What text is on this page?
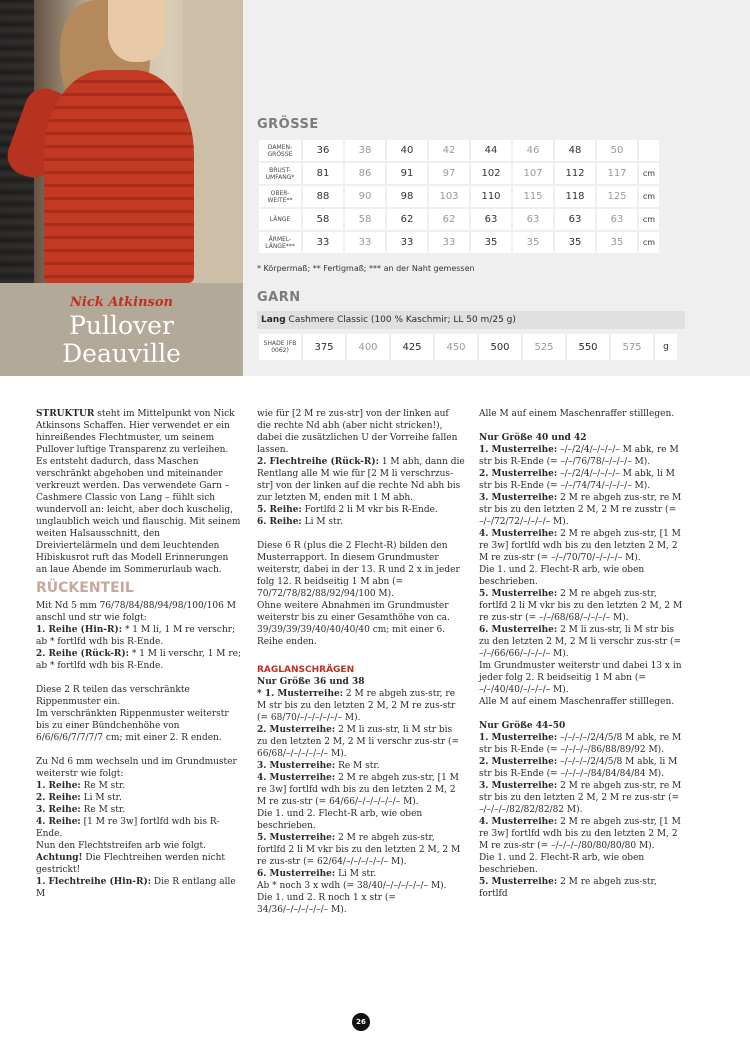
Nick Atkinson
Pullover
Deauville
GRÖSSE
DAMEN-GRÖSSE	36	38	40	42	44	46	48	50	
BRUST-UMFANG*	81	86	91	97	102	107	112	117	cm
OBER-WEITE**	88	90	98	103	110	115	118	125	cm
LÄNGE	58	58	62	62	63	63	63	63	cm
ÄRMEL-LÄNGE***	33	33	33	33	35	35	35	35	cm
* Körpermaß; ** Fertigmaß; *** an der Naht gemessen
GARN
Lang Cashmere Classic (100 % Kaschmir; LL 50 m/25 g)
SHADE (FB 0062)	375	400	425	450	500	525	550	575	g

STRUKTUR steht im Mittelpunkt von Nick Atkinsons Schaffen. Hier verwendet er ein hinreißendes Flechtmuster, um seinem Pullover luftige Transparenz zu verleihen. Es entsteht dadurch, dass Maschen verschränkt abgehoben und miteinander verkreuzt werden. Das verwendete Garn – Cashmere Classic von Lang – fühlt sich wundervoll an: leicht, aber doch kuschelig, unglaublich weich und flauschig. Mit seinem weiten Halsausschnitt, den Dreiviertelärmeln und dem leuchtenden Hibiskusrot ruft das Modell Erinnerungen an laue Abende im Sommerurlaub wach.

RÜCKENTEIL

Mit Nd 5 mm 76/78/84/88/94/98/100/106 M anschl und str wie folgt:

1. Reihe (Hin-R): * 1 M li, 1 M re verschr; ab * fortlfd wdh bis R-Ende.

2. Reihe (Rück-R): * 1 M li verschr, 1 M re; ab * fortlfd wdh bis R-Ende.

Diese 2 R teilen das verschränkte Rippenmuster ein.

Im verschränkten Rippenmuster weiterstr bis zu einer Bündchenhöhe von 6/6/6/6/7/7/7/7 cm; mit einer 2. R enden.

Zu Nd 6 mm wechseln und im Grundmuster weiterstr wie folgt:

1. Reihe: Re M str.

2. Reihe: Li M str.

3. Reihe: Re M str.

4. Reihe: [1 M re 3w] fortlfd wdh bis R-Ende.

Nun den Flechtstreifen arb wie folgt.

Achtung! Die Flechtreihen werden nicht gestrickt!

1. Flechtreihe (Hin-R): Die R entlang alle M

wie für [2 M re zus-str] von der linken auf die rechte Nd abh (aber nicht stricken!), dabei die zusätzlichen U der Vorreihe fallen lassen.

2. Flechtreihe (Rück-R): 1 M abh, dann die Rentlang alle M wie für [2 M li verschrzus-str] von der linken auf die rechte Nd abh bis zur letzten M, enden mit 1 M abh.

5. Reihe: Fortlfd 2 li M vkr bis R-Ende.

6. Reihe: Li M str.

Diese 6 R (plus die 2 Flecht-R) bilden den Musterrapport. In diesem Grundmuster weiterstr, dabei in der 13. R und 2 x in jeder folg 12. R beidseitig 1 M abn (= 70/72/78/82/88/92/94/100 M).

Ohne weitere Abnahmen im Grundmuster weiterstr bis zu einer Gesamthöhe von ca. 39/39/39/39/40/40/40/40 cm; mit einer 6. Reihe enden.

RAGLANSCHRÄGEN

Nur Größe 36 und 38

* 1. Musterreihe: 2 M re abgeh zus-str, re M str bis zu den letzten 2 M, 2 M re zus-str (= 68/70/–/–/–/–/–/– M).

2. Musterreihe: 2 M li zus-str, li M str bis zu den letzten 2 M, 2 M li verschr zus-str (= 66/68/–/–/–/–/–/– M).

3. Musterreihe: Re M str.

4. Musterreihe: 2 M re abgeh zus-str, [1 M re 3w] fortlfd wdh bis zu den letzten 2 M, 2 M re zus-str (= 64/66/–/–/–/–/–/– M).

Die 1. und 2. Flecht-R arb, wie oben beschrieben.

5. Musterreihe: 2 M re abgeh zus-str, fortlfd 2 li M vkr bis zu den letzten 2 M, 2 M re zus-str (= 62/64/–/–/–/–/–/– M).

6. Musterreihe: Li M str.

Ab * noch 3 x wdh (= 38/40/–/–/–/–/–/– M).

Die 1. und 2. R noch 1 x str (= 34/36/–/–/–/–/–/– M).

Alle M auf einem Maschenraffer stilllegen.

Nur Größe 40 und 42

1. Musterreihe: –/–/2/4/–/–/–/– M abk, re M str bis R-Ende (= –/–/76/78/–/–/–/– M).

2. Musterreihe: –/–/2/4/–/–/–/– M abk, li M str bis R-Ende (= –/–/74/74/–/–/–/– M).

3. Musterreihe: 2 M re abgeh zus-str, re M str bis zu den letzten 2 M, 2 M re zusstr (= –/–/72/72/–/–/–/– M).

4. Musterreihe: 2 M re abgeh zus-str, [1 M re 3w] fortlfd wdh bis zu den letzten 2 M, 2 M re zus-str (= –/–/70/70/–/–/–/– M).

Die 1. und 2. Flecht-R arb, wie oben beschrieben.

5. Musterreihe: 2 M re abgeh zus-str, fortlfd 2 li M vkr bis zu den letzten 2 M, 2 M re zus-str (= –/–/68/68/–/–/–/– M).

6. Musterreihe: 2 M li zus-str, li M str bis zu den letzten 2 M, 2 M li verschr zus-str (= –/–/66/66/–/–/–/– M).

Im Grundmuster weiterstr und dabei 13 x in jeder folg 2. R beidseitig 1 M abn (= –/–/40/40/–/–/–/– M).

Alle M auf einem Maschenraffer stilllegen.

Nur Größe 44–50

1. Musterreihe: –/–/–/–/2/4/5/8 M abk, re M str bis R-Ende (= –/–/–/–/86/88/89/92 M).

2. Musterreihe: –/–/–/–/2/4/5/8 M abk, li M str bis R-Ende (= –/–/–/–/84/84/84/84 M).

3. Musterreihe: 2 M re abgeh zus-str, re M str bis zu den letzten 2 M, 2 M re zus-str (= –/–/–/–/82/82/82/82 M).

4. Musterreihe: 2 M re abgeh zus-str, [1 M re 3w] fortlfd wdh bis zu den letzten 2 M, 2 M re zus-str (= –/–/–/–/80/80/80/80 M).

Die 1. und 2. Flecht-R arb, wie oben beschrieben.

5. Musterreihe: 2 M re abgeh zus-str, fortlfd

26
